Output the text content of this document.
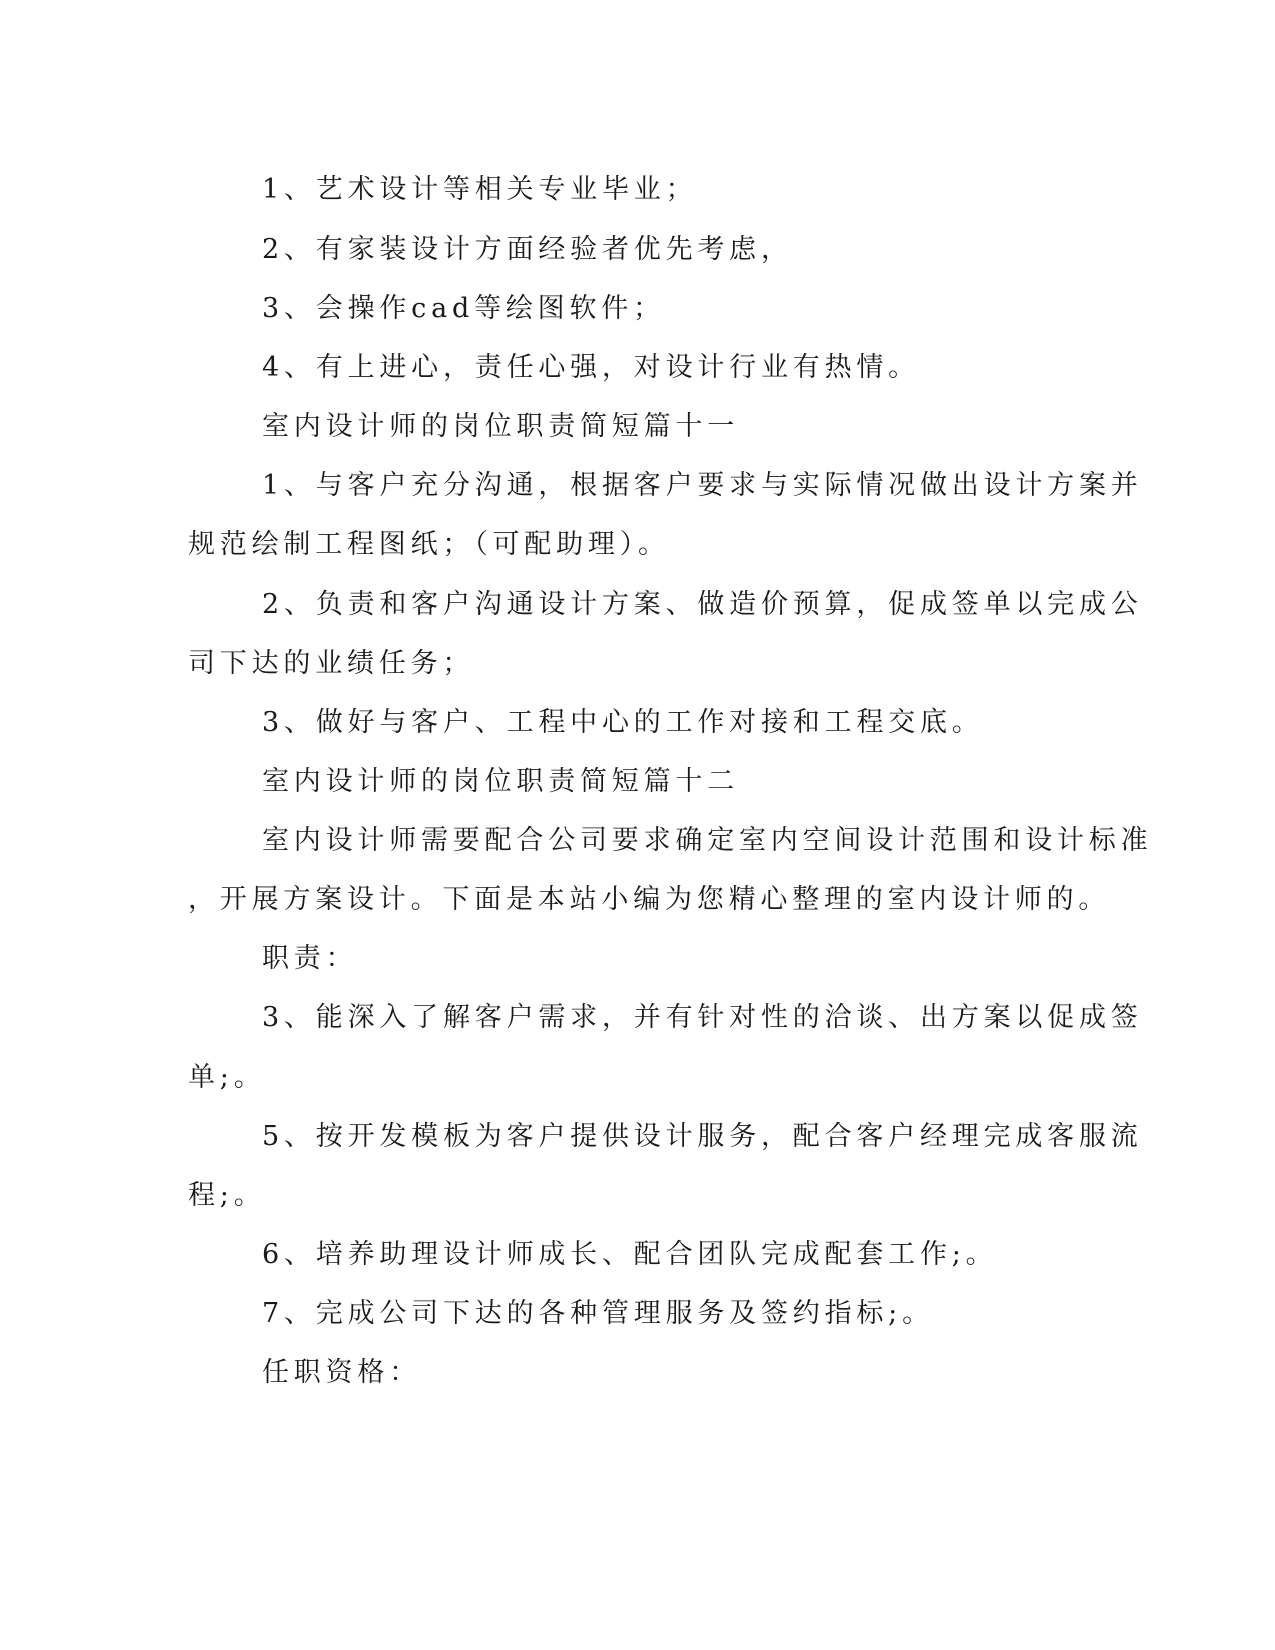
1、艺术设计等相关专业毕业；

2、有家装设计方面经验者优先考虑，

3、会操作cad等绘图软件；

4、有上进心，责任心强，对设计行业有热情。

室内设计师的岗位职责简短篇十一

1、与客户充分沟通，根据客户要求与实际情况做出设计方案并

规范绘制工程图纸；（可配助理）。

2、负责和客户沟通设计方案、做造价预算，促成签单以完成公

司下达的业绩任务；

3、做好与客户、工程中心的工作对接和工程交底。

室内设计师的岗位职责简短篇十二

室内设计师需要配合公司要求确定室内空间设计范围和设计标准

，开展方案设计。下面是本站小编为您精心整理的室内设计师的。

职责：

3、能深入了解客户需求，并有针对性的洽谈、出方案以促成签

单;。

5、按开发模板为客户提供设计服务，配合客户经理完成客服流

程;。

6、培养助理设计师成长、配合团队完成配套工作;。

7、完成公司下达的各种管理服务及签约指标;。

任职资格：
